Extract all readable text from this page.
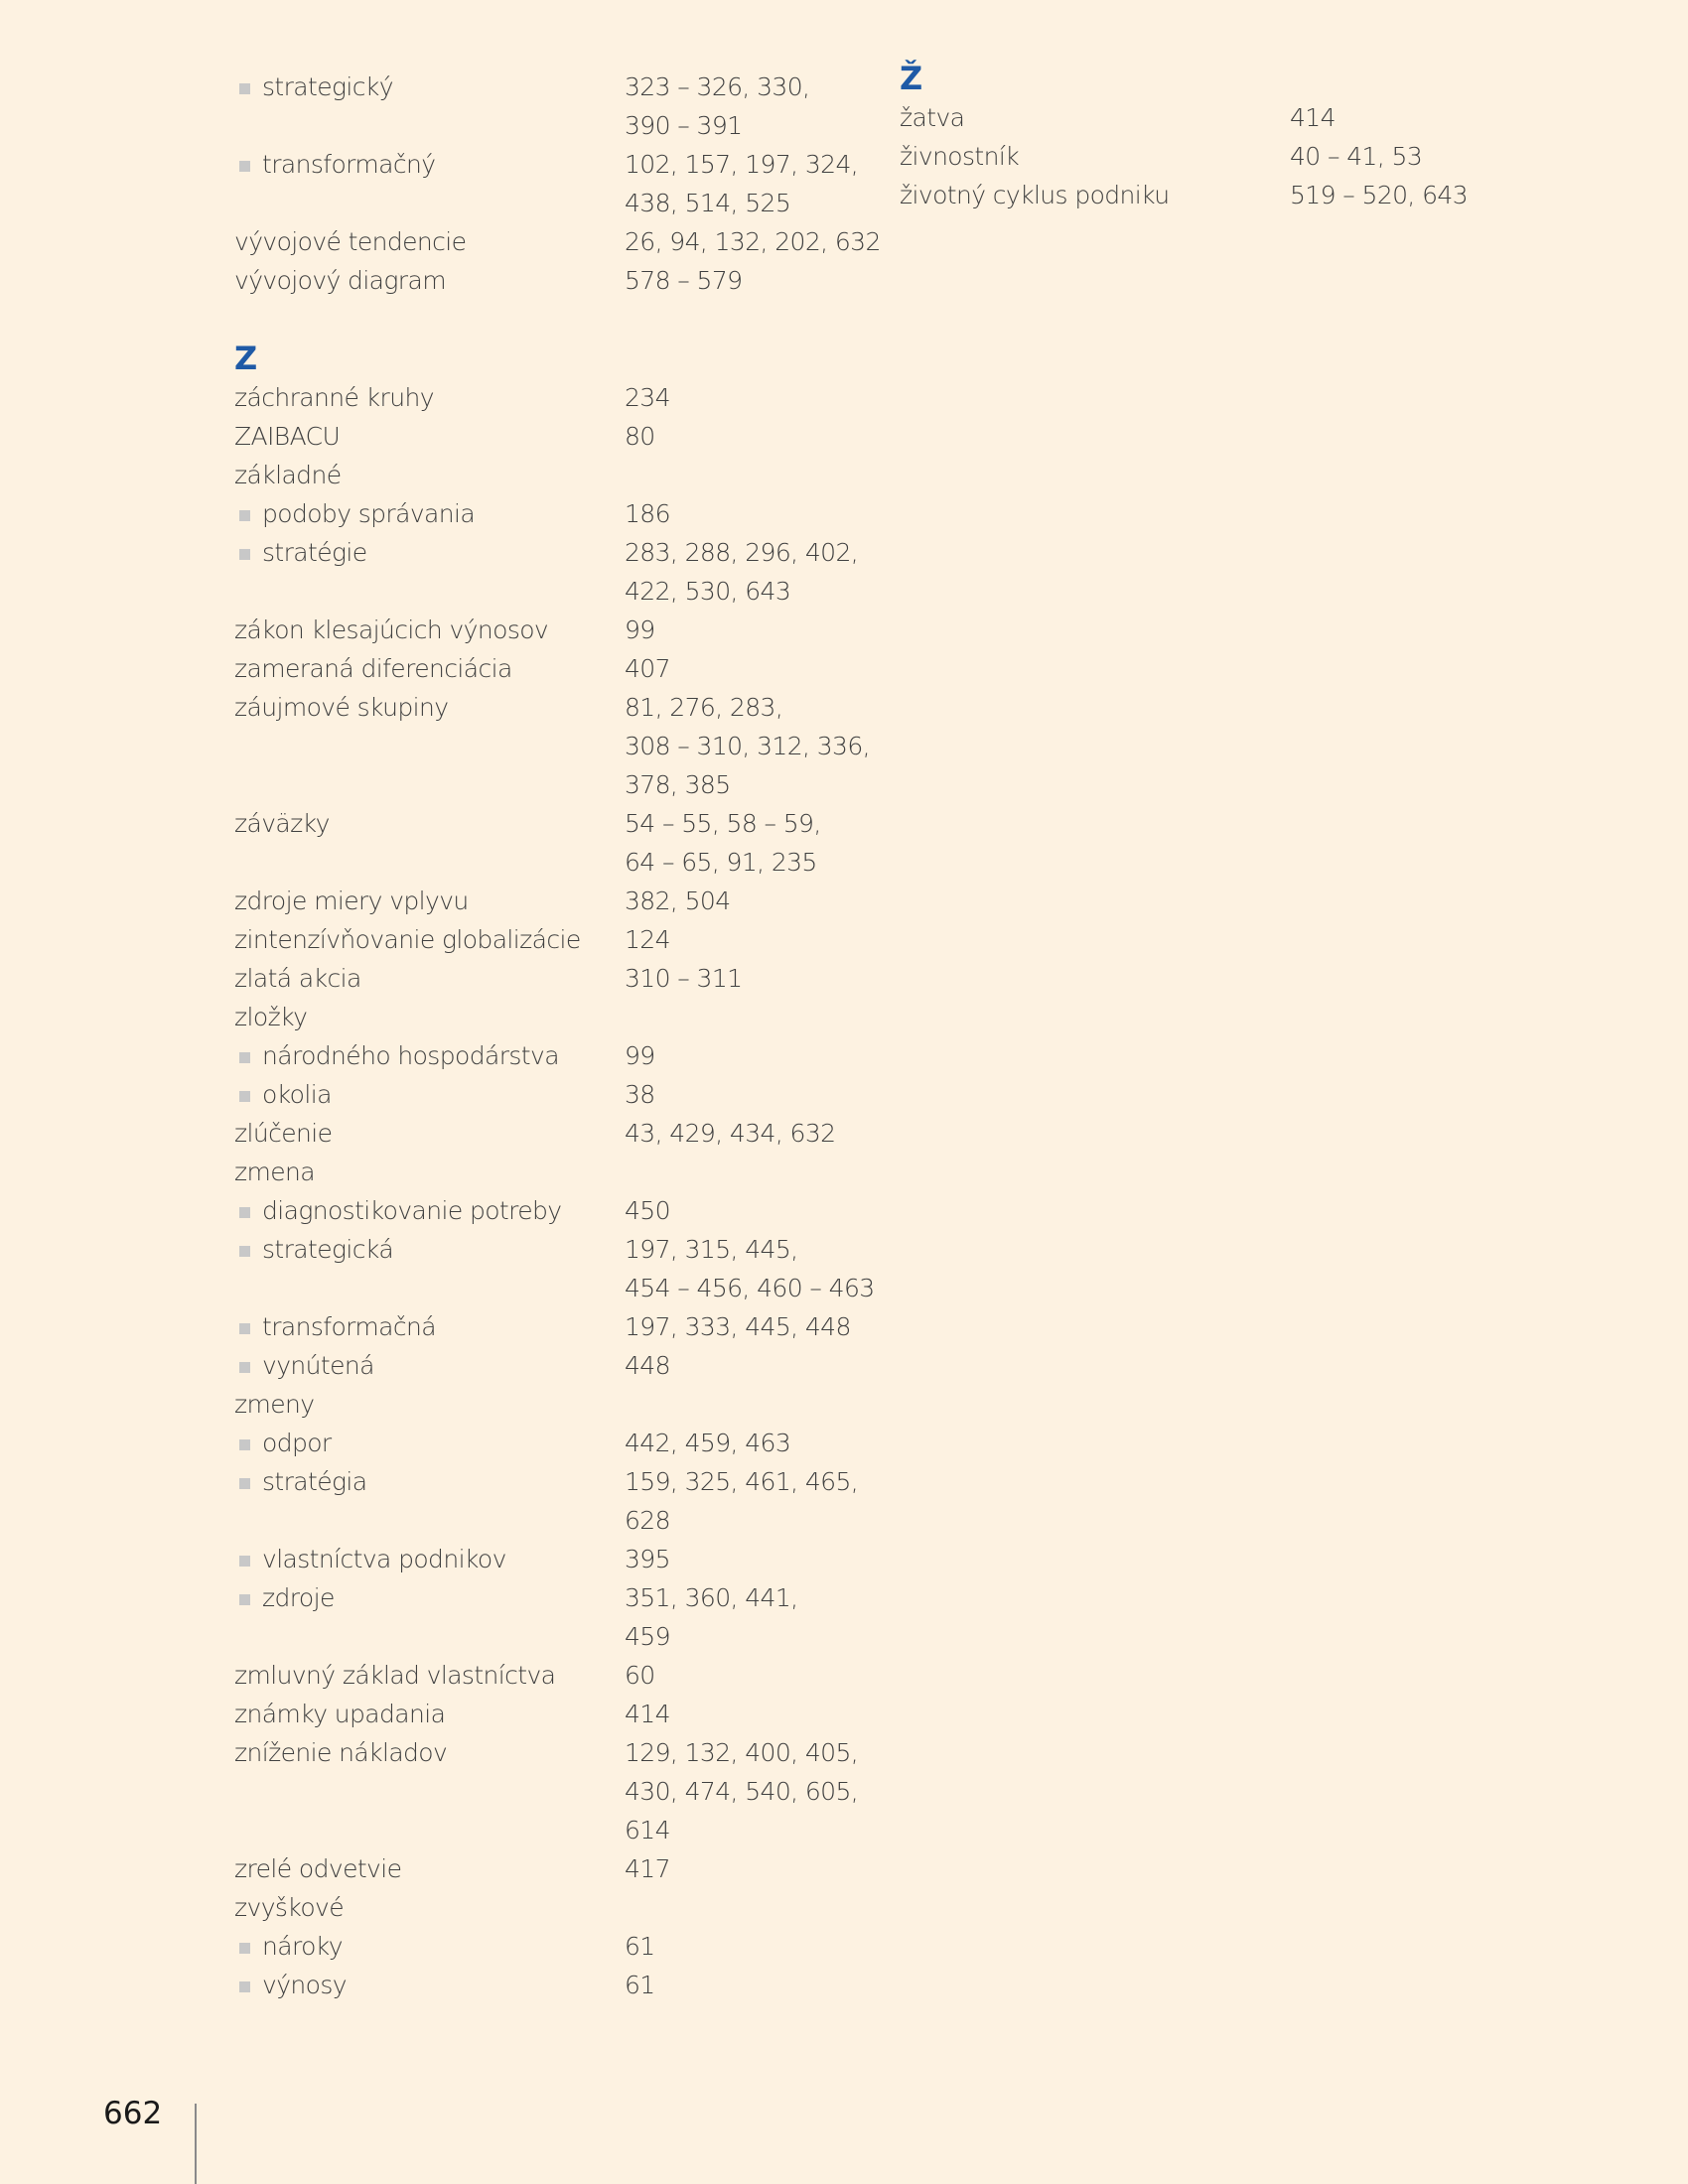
strategický	323 – 326, 330,
390 – 391
transformačný	102, 157, 197, 324,
438, 514, 525
vývojové tendencie	26, 94, 132, 202, 632
vývojový diagram	578 – 579
Z
záchranné kruhy	234
ZAIBACU	80
základné
podoby správania	186
stratégie	283, 288, 296, 402,
422, 530, 643
zákon klesajúcich výnosov	99
zameraná diferenciácia	407
záujmové skupiny	81, 276, 283,
308 – 310, 312, 336,
378, 385
záväzky	54 – 55, 58 – 59,
64 – 65, 91, 235
zdroje miery vplyvu	382, 504
zintenzívňovanie globalizácie	124
zlatá akcia	310 – 311
zložky
národného hospodárstva	99
okolia	38
zlúčenie	43, 429, 434, 632
zmena
diagnostikovanie potreby	450
strategická	197, 315, 445,
454 – 456, 460 – 463
transformačná	197, 333, 445, 448
vynútená	448
zmeny
odpor	442, 459, 463
stratégia	159, 325, 461, 465,
628
vlastníctva podnikov	395
zdroje	351, 360, 441,
459
zmluvný základ vlastníctva	60
známky upadania	414
zníženie nákladov	129, 132, 400, 405,
430, 474, 540, 605,
614
zrelé odvetvie	417
zvyškové
nároky	61
výnosy	61
Ž
žatva	414
živnostník	40 – 41, 53
životný cyklus podniku	519 – 520, 643
662
